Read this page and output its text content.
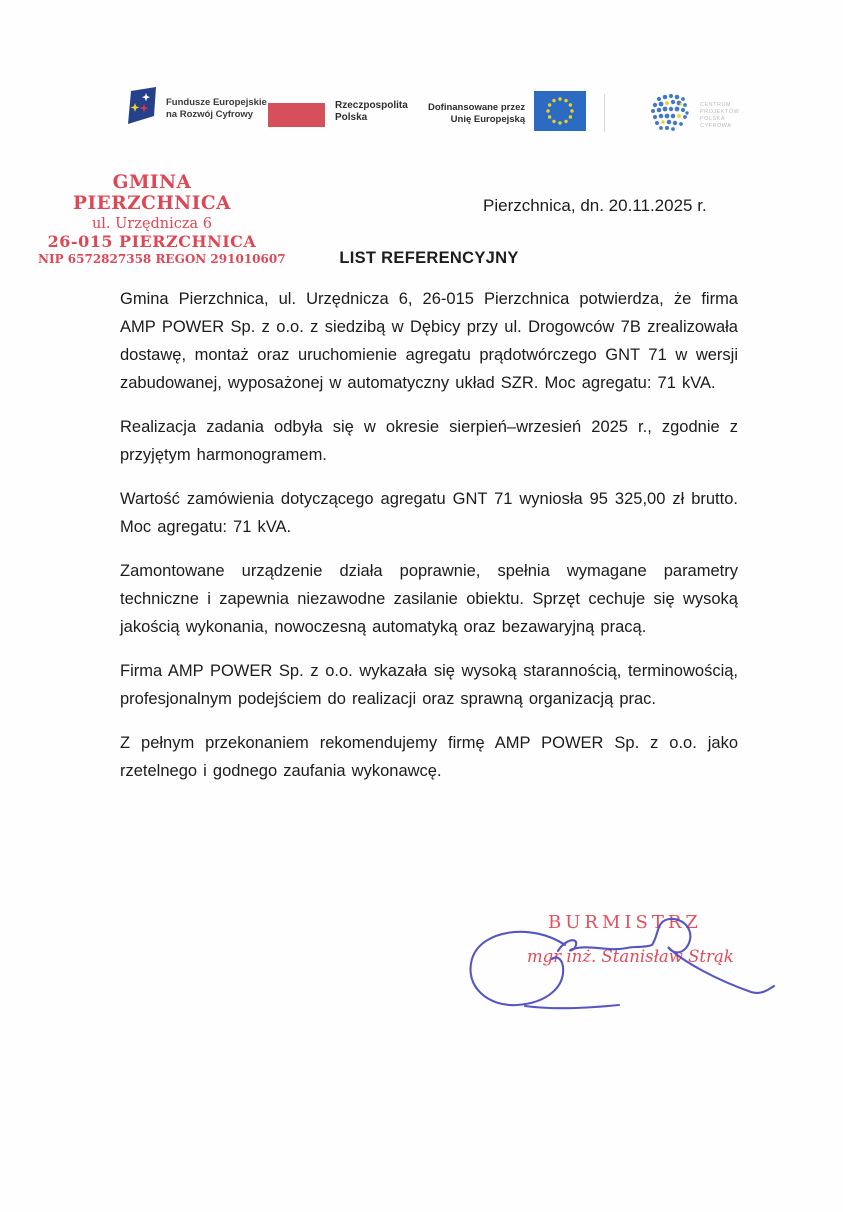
Fundusze Europejskie
na Rozwój Cyfrowy
Rzeczpospolita
Polska
Dofinansowane przez
Unię Europejską
CENTRUM
PROJEKTÓW
POLSKA
CYFROWA
GMINA PIERZCHNICA
ul. Urzędnicza 6
26-015 PIERZCHNICA
NIP 6572827358 REGON 291010607
Pierzchnica, dn. 20.11.2025 r.
LIST REFERENCYJNY

Gmina Pierzchnica, ul. Urzędnicza 6, 26-015 Pierzchnica potwierdza, że firma AMP POWER Sp. z o.o. z siedzibą w Dębicy przy ul. Drogowców 7B zrealizowała dostawę, montaż oraz uruchomienie agregatu prądotwórczego GNT 71 w wersji zabudowanej, wyposażonej w automatyczny układ SZR. Moc agregatu: 71 kVA.

Realizacja zadania odbyła się w okresie sierpień–wrzesień 2025 r., zgodnie z przyjętym harmonogramem.

Wartość zamówienia dotyczącego agregatu GNT 71 wyniosła 95 325,00 zł brutto. Moc agregatu: 71 kVA.

Zamontowane urządzenie działa poprawnie, spełnia wymagane parametry techniczne i zapewnia niezawodne zasilanie obiektu. Sprzęt cechuje się wysoką jakością wykonania, nowoczesną automatyką oraz bezawaryjną pracą.

Firma AMP POWER Sp. z o.o. wykazała się wysoką starannością, terminowością, profesjonalnym podejściem do realizacji oraz sprawną organizacją prac.

Z pełnym przekonaniem rekomendujemy firmę AMP POWER Sp. z o.o. jako rzetelnego i godnego zaufania wykonawcę.

BURMISTRZ
mgr inż. Stanisław Strąk
